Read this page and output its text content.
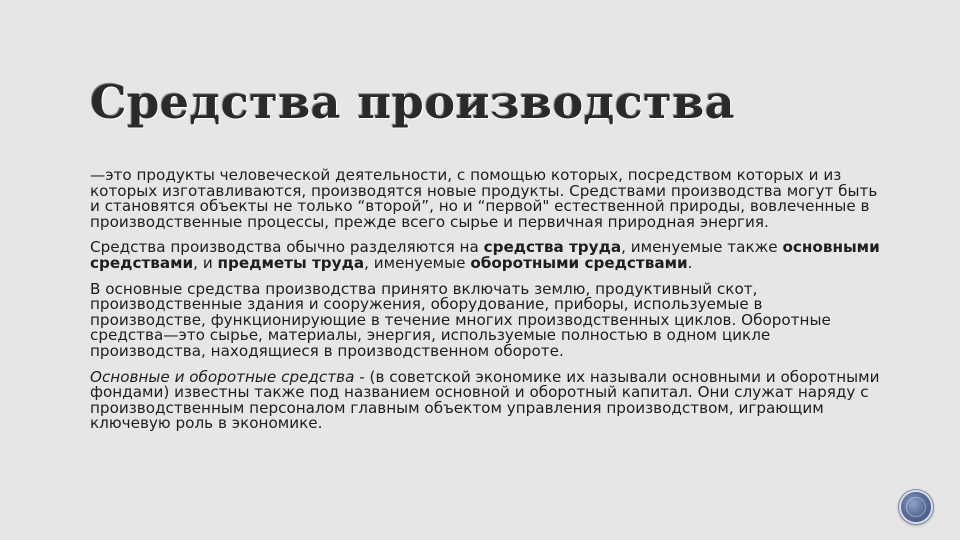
Средства производства

—это продукты человеческой деятельности, с помощью которых, посредством которых и из которых изготавливаются, производятся новые продукты. Средствами производства могут быть и становятся объекты не только “второй”, но и “первой" естественной природы, вовлеченные в производственные процессы, прежде всего сырье и первичная природная энергия.

Средства производства обычно разделяются на средства труда, именуемые также основными средствами, и предметы труда, именуемые оборотными средствами.

В основные средства производства принято включать землю, продуктивный скот, производственные здания и сооружения, оборудование, приборы, используемые в производстве, функционирующие в течение многих производственных циклов. Оборотные средства—это сырье, материалы, энергия, используемые полностью в одном цикле производства, находящиеся в производственном обороте.

Основные и оборотные средства - (в советской экономике их называли основными и оборотными фондами) известны также под названием основной и оборотный капитал. Они служат наряду с производственным персоналом главным объектом управления производством, играющим ключевую роль в экономике.
